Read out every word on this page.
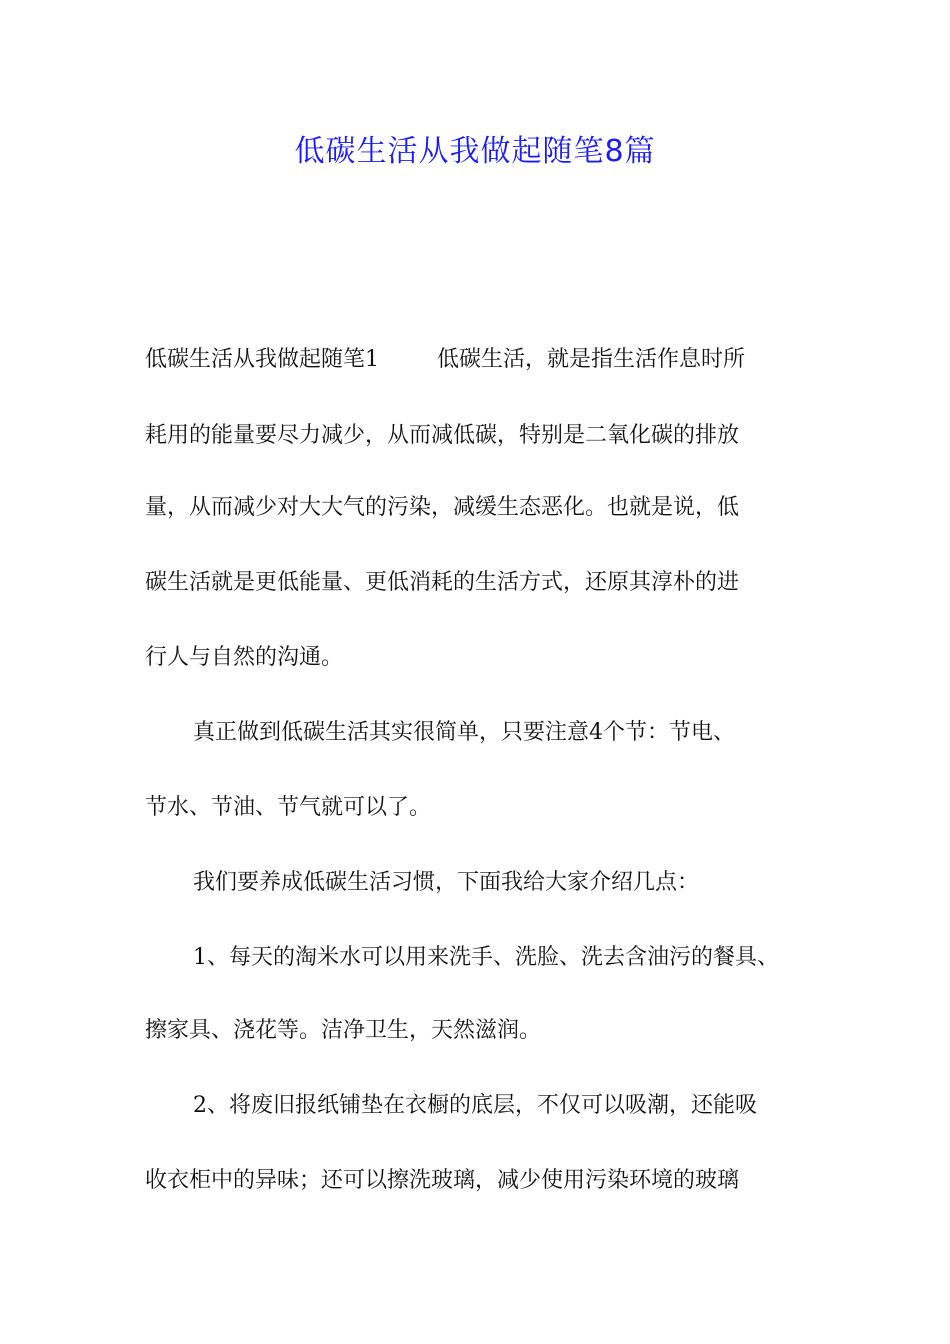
低碳生活从我做起随笔8篇
低碳生活从我做起随笔1	低碳生活，就是指生活作息时所
耗用的能量要尽力减少，从而减低碳，特别是二氧化碳的排放
量，从而减少对大大气的污染，减缓生态恶化。也就是说，低
碳生活就是更低能量、更低消耗的生活方式，还原其淳朴的进
行人与自然的沟通。
真正做到低碳生活其实很简单，只要注意4个节：节电、
节水、节油、节气就可以了。
我们要养成低碳生活习惯，下面我给大家介绍几点：
1、每天的淘米水可以用来洗手、洗脸、洗去含油污的餐具、
擦家具、浇花等。洁净卫生，天然滋润。
2、将废旧报纸铺垫在衣橱的底层，不仅可以吸潮，还能吸
收衣柜中的异味；还可以擦洗玻璃，减少使用污染环境的玻璃
